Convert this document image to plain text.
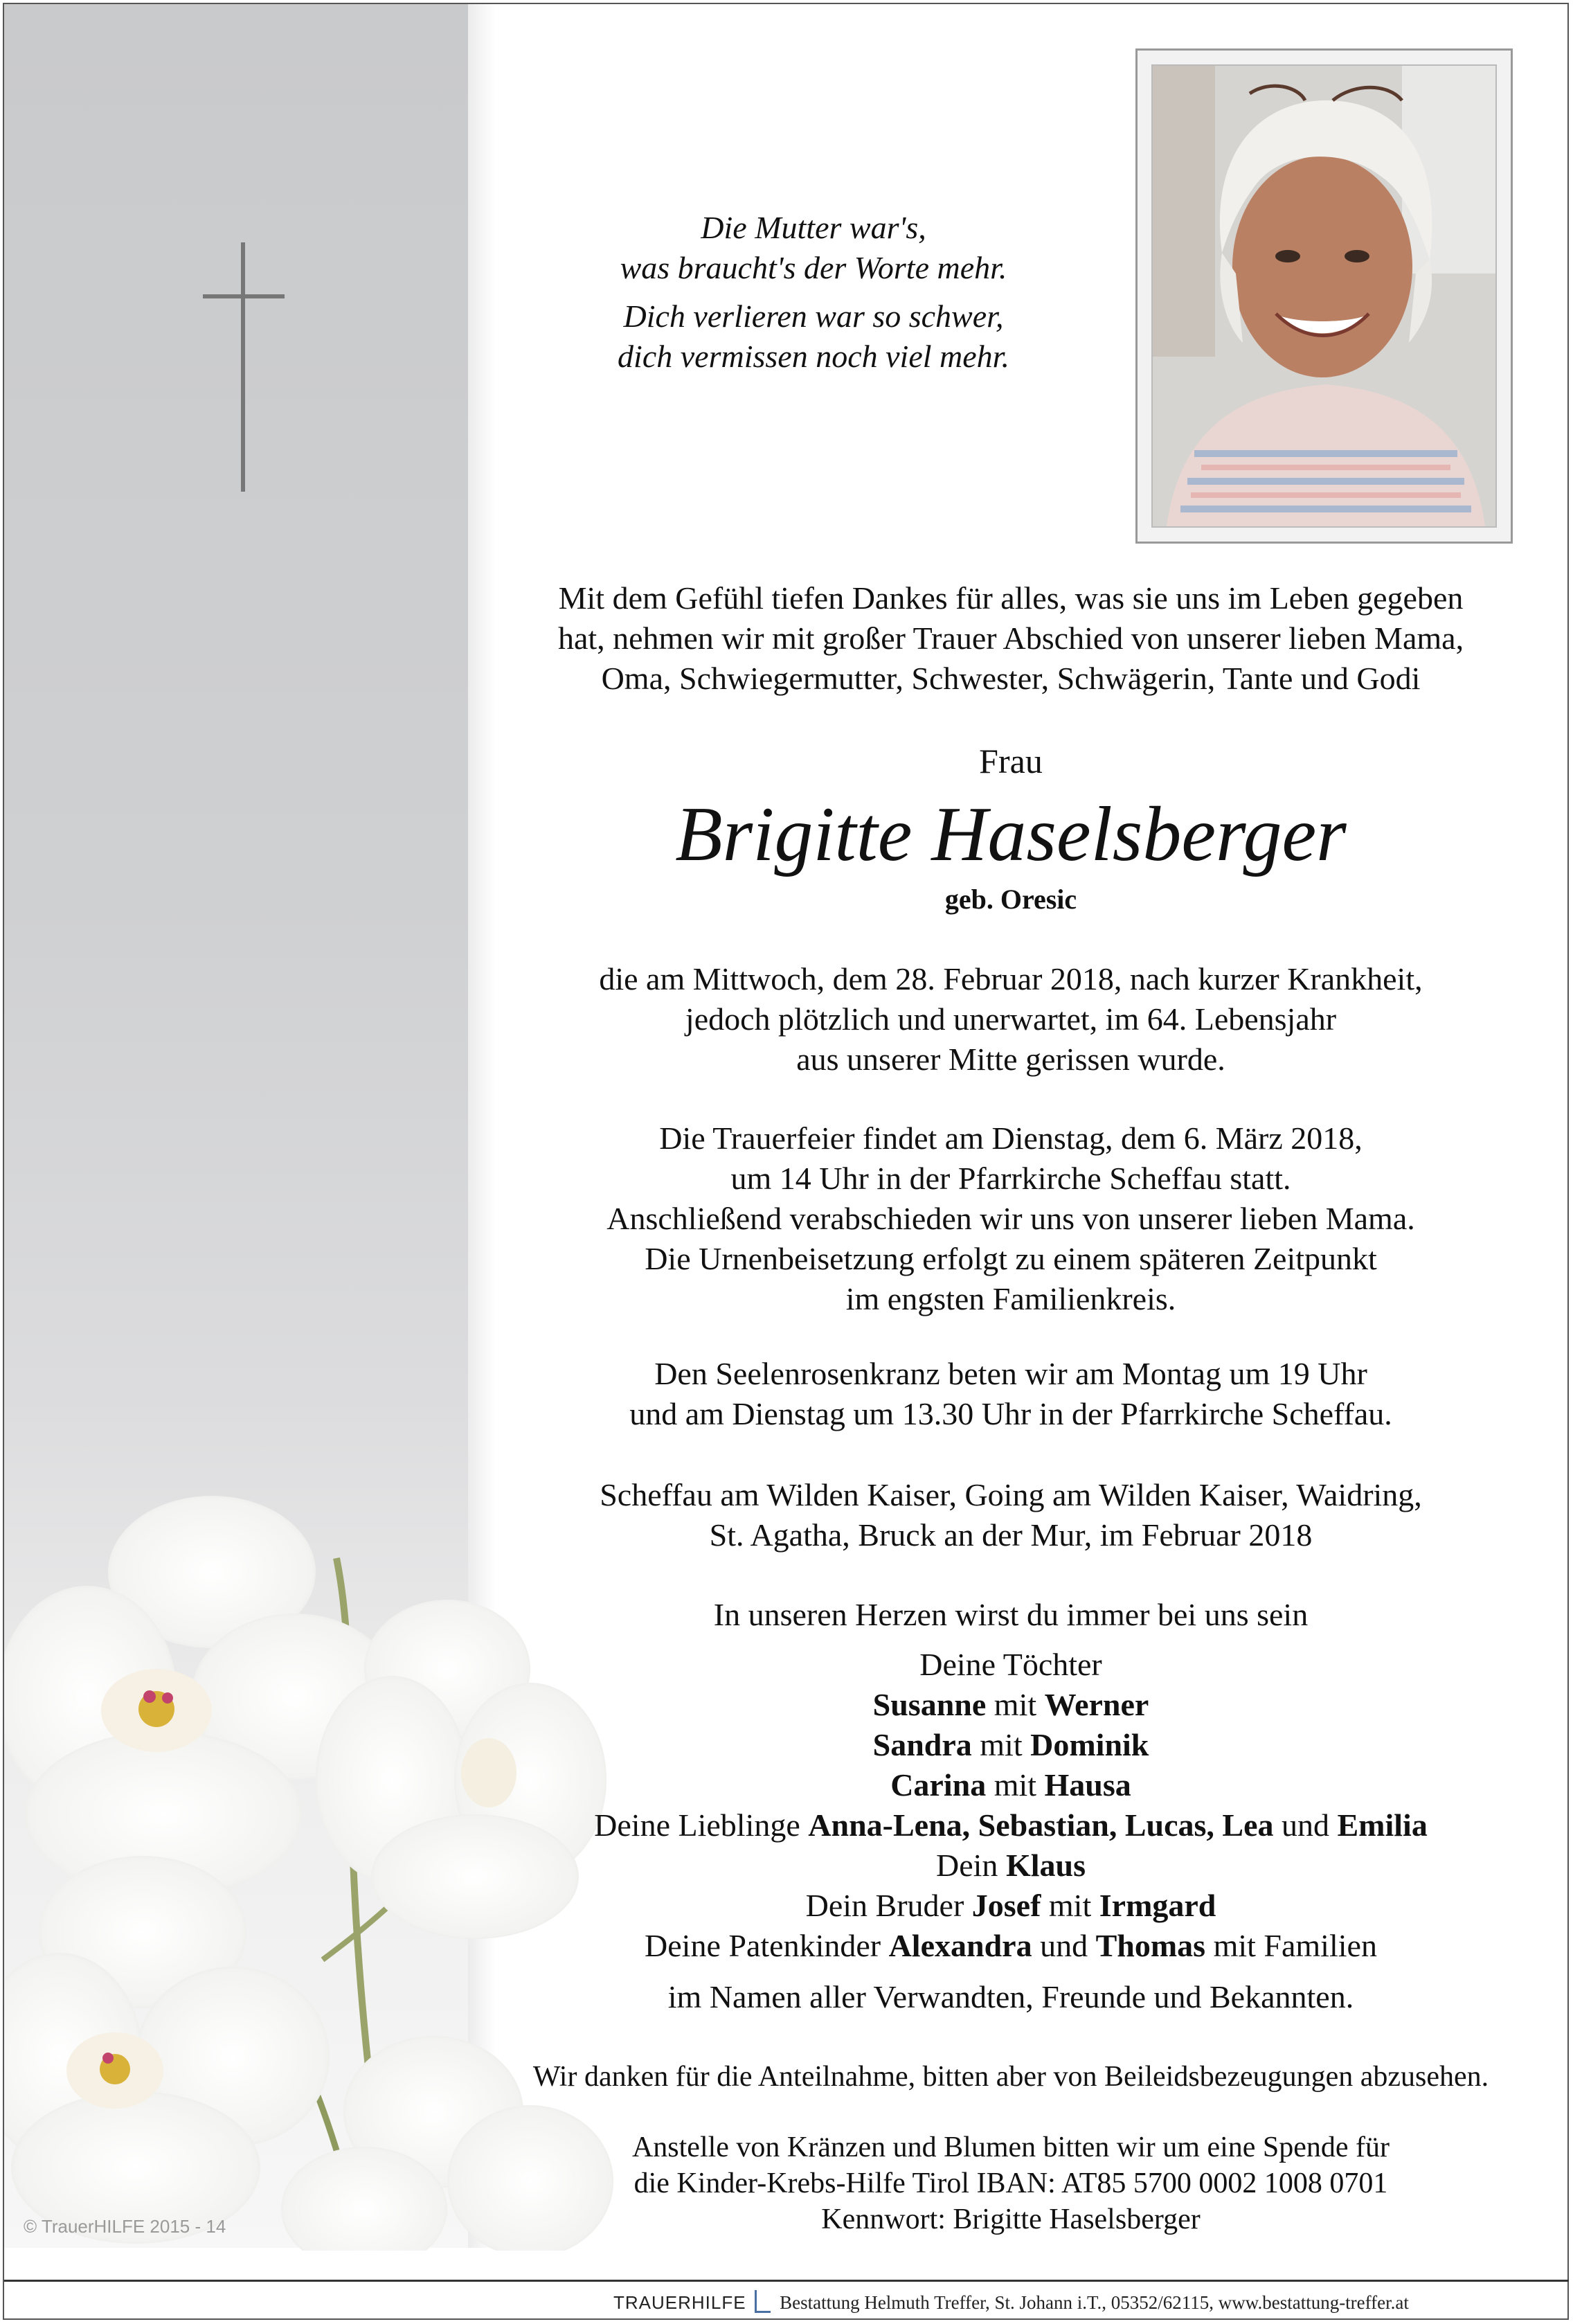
© TrauerHILFE 2015 - 14

Die Mutter war's,
was braucht's der Worte mehr.

Dich verlieren war so schwer,
dich vermissen noch viel mehr.

Mit dem Gefühl tiefen Dankes für alles, was sie uns im Leben gegeben

hat, nehmen wir mit großer Trauer Abschied von unserer lieben Mama,

Oma, Schwiegermutter, Schwester, Schwägerin, Tante und Godi

Frau
Brigitte Haselsberger
geb. Oresic

die am Mittwoch, dem 28. Februar 2018, nach kurzer Krankheit,

jedoch plötzlich und unerwartet, im 64. Lebensjahr

aus unserer Mitte gerissen wurde.

Die Trauerfeier findet am Dienstag, dem 6. März 2018,

um 14 Uhr in der Pfarrkirche Scheffau statt.

Anschließend verabschieden wir uns von unserer lieben Mama.

Die Urnenbeisetzung erfolgt zu einem späteren Zeitpunkt

im engsten Familienkreis.

Den Seelenrosenkranz beten wir am Montag um 19 Uhr

und am Dienstag um 13.30 Uhr in der Pfarrkirche Scheffau.

Scheffau am Wilden Kaiser, Going am Wilden Kaiser, Waidring,

St. Agatha, Bruck an der Mur, im Februar 2018

In unseren Herzen wirst du immer bei uns sein

Deine Töchter

Susanne mit Werner

Sandra mit Dominik

Carina mit Hausa

Deine Lieblinge Anna-Lena, Sebastian, Lucas, Lea und Emilia

Dein Klaus

Dein Bruder Josef mit Irmgard

Deine Patenkinder Alexandra und Thomas mit Familien

im Namen aller Verwandten, Freunde und Bekannten.

Wir danken für die Anteilnahme, bitten aber von Beileidsbezeugungen abzusehen.

Anstelle von Kränzen und Blumen bitten wir um eine Spende für

die Kinder-Krebs-Hilfe Tirol IBAN: AT85 5700 0002 1008 0701

Kennwort: Brigitte Haselsberger

TRAUERHILFE Bestattung Helmuth Treffer, St. Johann i.T., 05352/62115, www.bestattung-treffer.at
